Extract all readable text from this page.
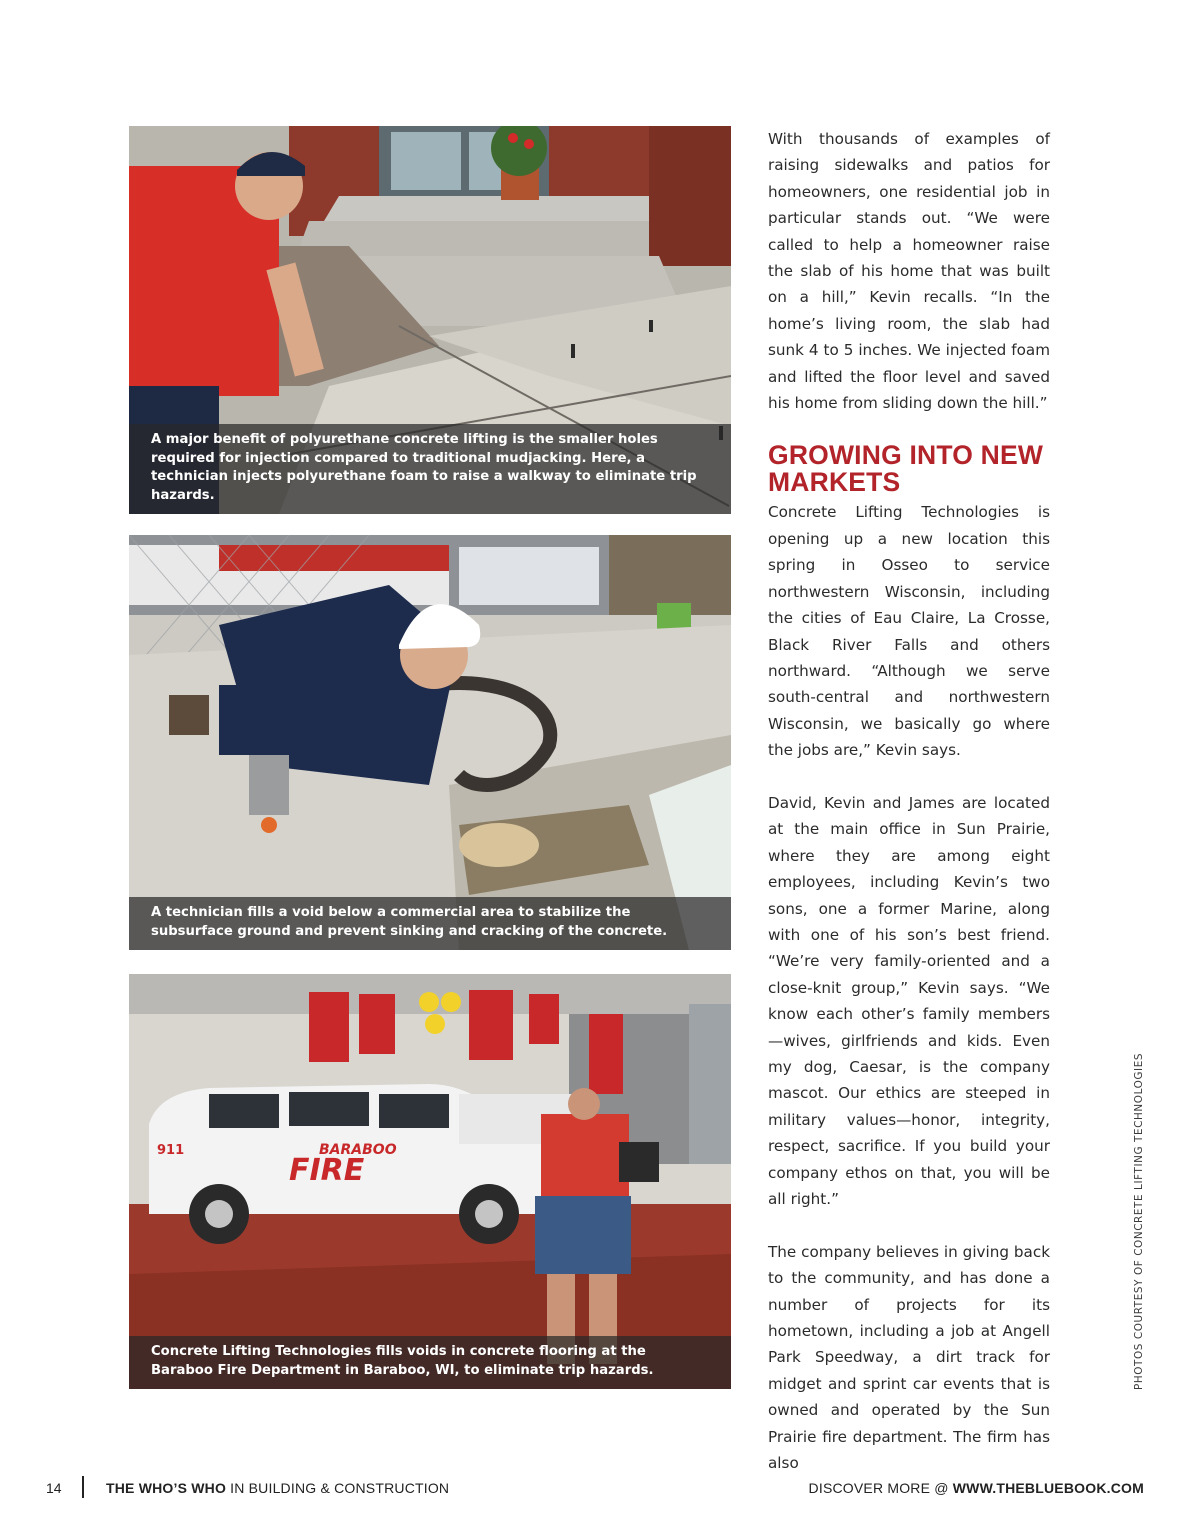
A major benefit of polyurethane concrete lifting is the smaller holes required for injection compared to traditional mudjacking. Here, a technician injects polyurethane foam to raise a walkway to eliminate trip hazards.

A technician fills a void below a commercial area to stabilize the subsurface ground and prevent sinking and cracking of the concrete.

911	BARABOO
FIRE

Concrete Lifting Technologies fills voids in concrete flooring at the Baraboo Fire Department in Baraboo, WI, to eliminate trip hazards.

With thousands of examples of raising sidewalks and patios for homeowners, one residential job in particular stands out. “We were called to help a homeowner raise the slab of his home that was built on a hill,” Kevin recalls. “In the home’s living room, the slab had sunk 4 to 5 inches. We injected foam and lifted the floor level and saved his home from sliding down the hill.”

GROWING INTO NEW MARKETS

Concrete Lifting Technologies is opening up a new location this spring in Osseo to service northwestern Wisconsin, including the cities of Eau Claire, La Crosse, Black River Falls and others northward. “Although we serve south-central and northwestern Wisconsin, we basically go where the jobs are,” Kevin says.

David, Kevin and James are located at the main office in Sun Prairie, where they are among eight employees, including Kevin’s two sons, one a former Marine, along with one of his son’s best friend. “We’re very family-oriented and a close-knit group,” Kevin says. “We know each other’s family members—wives, girlfriends and kids. Even my dog, Caesar, is the company mascot. Our ethics are steeped in military values—honor, integrity, respect, sacrifice. If you build your company ethos on that, you will be all right.”

The company believes in giving back to the community, and has done a number of projects for its hometown, including a job at Angell Park Speedway, a dirt track for midget and sprint car events that is owned and operated by the Sun Prairie fire department. The firm has also

PHOTOS COURTESY OF CONCRETE LIFTING TECHNOLOGIES
14	THE WHO’S WHO IN BUILDING & CONSTRUCTION	DISCOVER MORE @ WWW.THEBLUEBOOK.COM
